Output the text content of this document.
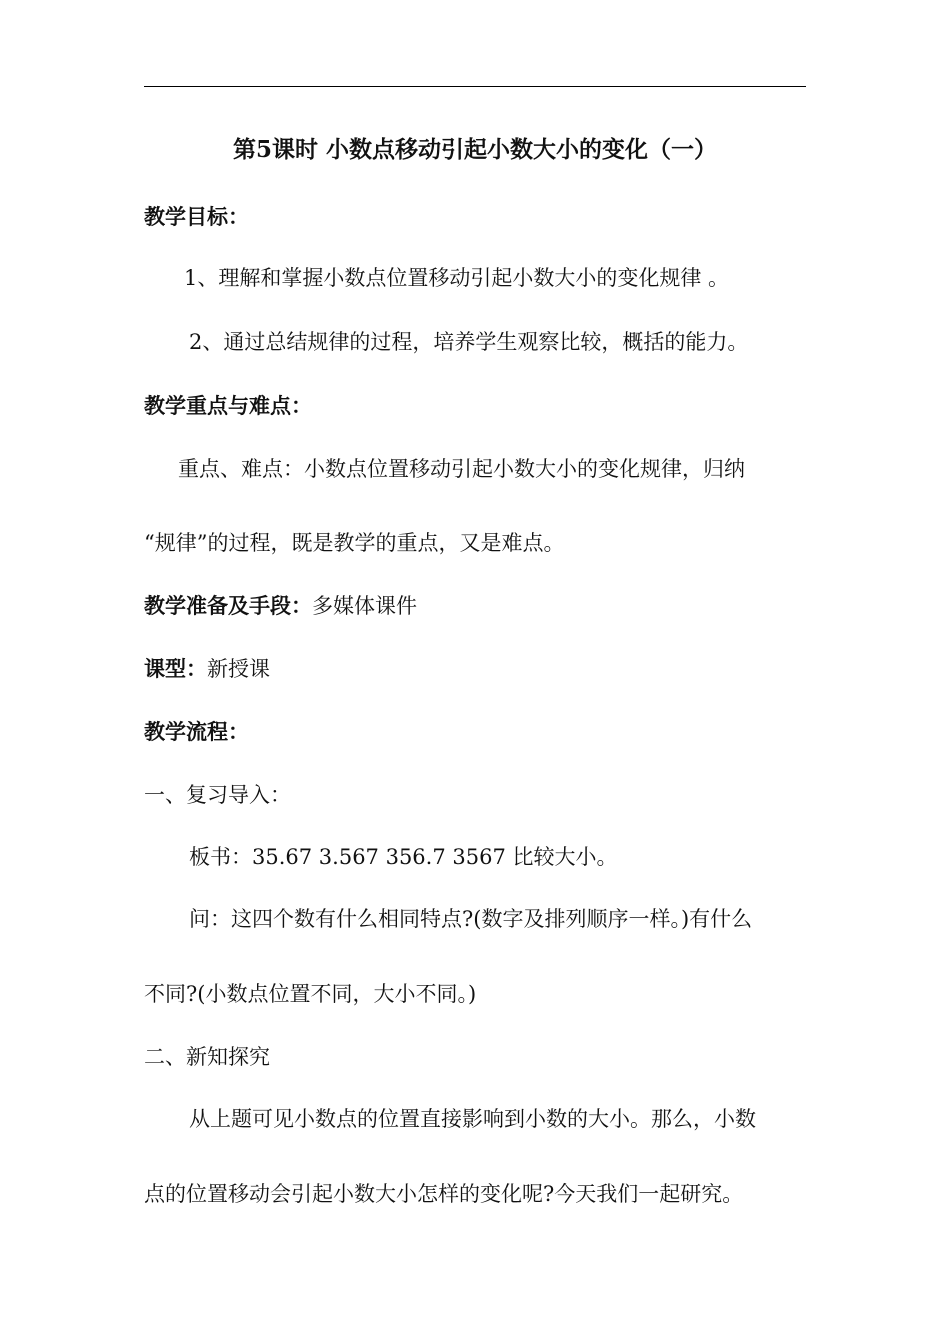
第5课时 小数点移动引起小数大小的变化（一）
教学目标：
1、理解和掌握小数点位置移动引起小数大小的变化规律 。
2、通过总结规律的过程，培养学生观察比较，概括的能力。
教学重点与难点：
重点、难点：小数点位置移动引起小数大小的变化规律，归纳
“规律”的过程，既是教学的重点，又是难点。
教学准备及手段：多媒体课件
课型：新授课
教学流程：
一、复习导入：
板书：35.67 3.567 356.7 3567 比较大小。
问：这四个数有什么相同特点?(数字及排列顺序一样。)有什么
不同?(小数点位置不同，大小不同。)
二、新知探究
从上题可见小数点的位置直接影响到小数的大小。那么，小数
点的位置移动会引起小数大小怎样的变化呢?今天我们一起研究。
